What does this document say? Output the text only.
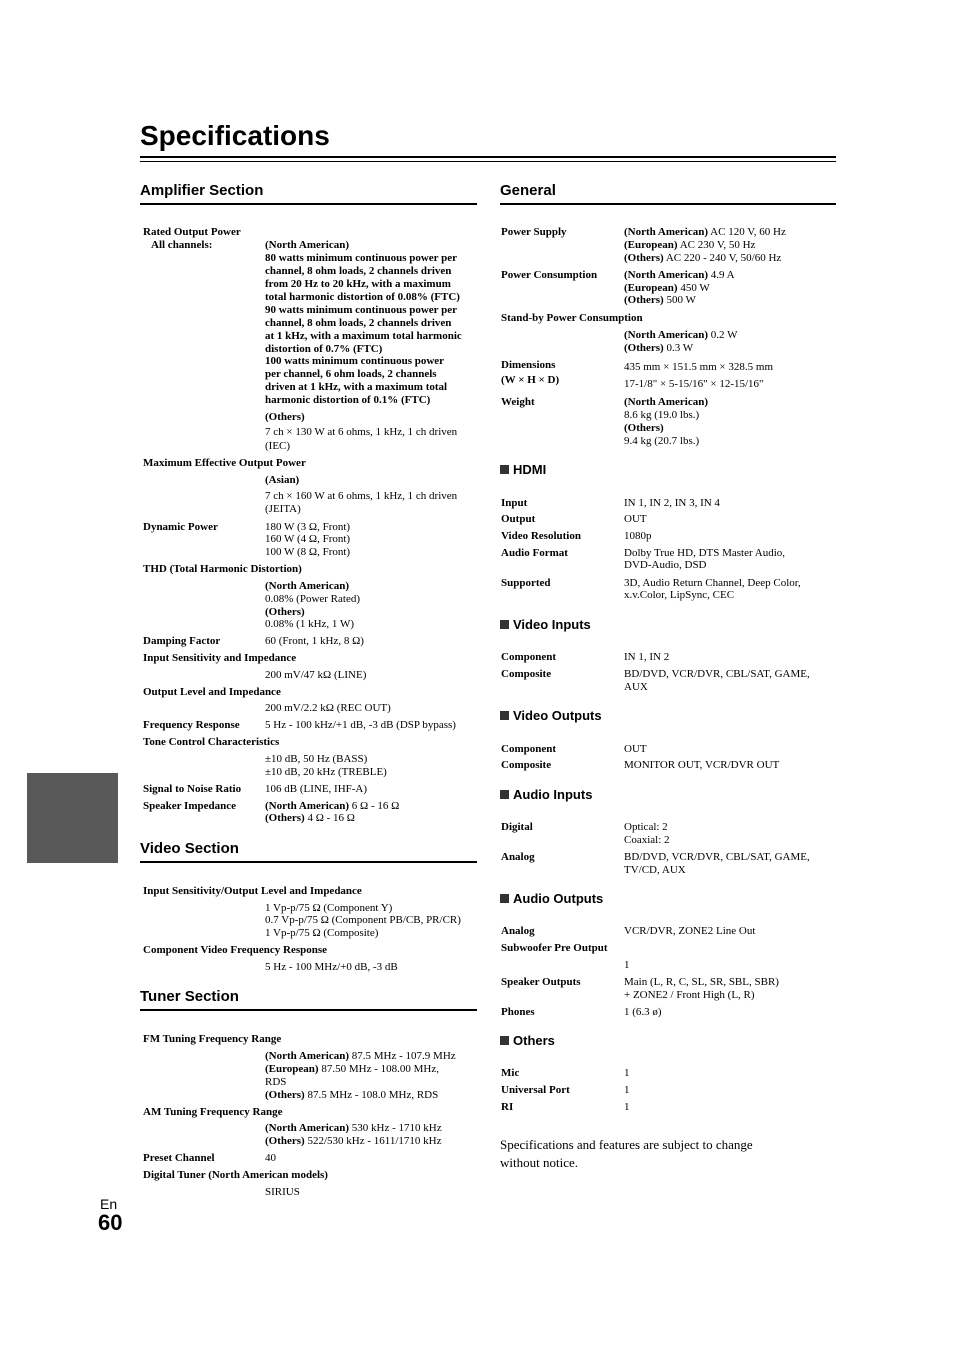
Specifications
Amplifier Section
Rated Output Power
All channels:	(North American)
80 watts minimum continuous power per
channel, 8 ohm loads, 2 channels driven
from 20 Hz to 20 kHz, with a maximum
total harmonic distortion of 0.08% (FTC)
90 watts minimum continuous power per
channel, 8 ohm loads, 2 channels driven
at 1 kHz, with a maximum total harmonic
distortion of 0.7% (FTC)
100 watts minimum continuous power
per channel, 6 ohm loads, 2 channels
driven at 1 kHz, with a maximum total
harmonic distortion of 0.1% (FTC)
(Others)
7 ch × 130 W at 6 ohms, 1 kHz, 1 ch driven
(IEC)
Maximum Effective Output Power
(Asian)
7 ch × 160 W at 6 ohms, 1 kHz, 1 ch driven
(JEITA)
Dynamic Power	180 W (3 Ω, Front)
160 W (4 Ω, Front)
100 W (8 Ω, Front)
THD (Total Harmonic Distortion)
(North American)
0.08% (Power Rated)
(Others)
0.08% (1 kHz, 1 W)
Damping Factor	60 (Front, 1 kHz, 8 Ω)
Input Sensitivity and Impedance
200 mV/47 kΩ (LINE)
Output Level and Impedance
200 mV/2.2 kΩ (REC OUT)
Frequency Response 5 Hz - 100 kHz/+1 dB, -3 dB (DSP bypass)
Tone Control Characteristics
±10 dB, 50 Hz (BASS)
±10 dB, 20 kHz (TREBLE)
Signal to Noise Ratio 106 dB (LINE, IHF-A)
Speaker Impedance	(North American) 6 Ω - 16 Ω
(Others) 4 Ω - 16 Ω
Video Section
Input Sensitivity/Output Level and Impedance
1 Vp-p/75 Ω (Component Y)
0.7 Vp-p/75 Ω (Component PB/CB, PR/CR)
1 Vp-p/75 Ω (Composite)
Component Video Frequency Response
5 Hz - 100 MHz/+0 dB, -3 dB
Tuner Section
FM Tuning Frequency Range
(North American) 87.5 MHz - 107.9 MHz
(European) 87.50 MHz - 108.00 MHz,
RDS
(Others) 87.5 MHz - 108.0 MHz, RDS
AM Tuning Frequency Range
(North American) 530 kHz - 1710 kHz
(Others) 522/530 kHz - 1611/1710 kHz
Preset Channel	40
Digital Tuner (North American models)
SIRIUS
General
Power Supply	(North American) AC 120 V, 60 Hz
(European) AC 230 V, 50 Hz
(Others) AC 220 - 240 V, 50/60 Hz
Power Consumption (North American) 4.9 A
(European) 450 W
(Others) 500 W
Stand-by Power Consumption
(North American) 0.2 W
(Others) 0.3 W
Dimensions
(W × H × D)
435 mm × 151.5 mm × 328.5 mm
17-1/8" × 5-15/16" × 12-15/16"
Weight	(North American)
8.6 kg (19.0 lbs.)
(Others)
9.4 kg (20.7 lbs.)
HDMI
Input	IN 1, IN 2, IN 3, IN 4
Output	OUT
Video Resolution	1080p
Audio Format	Dolby True HD, DTS Master Audio,
DVD-Audio, DSD
Supported	3D, Audio Return Channel, Deep Color,
x.v.Color, LipSync, CEC
Video Inputs
Component	IN 1, IN 2
Composite	BD/DVD, VCR/DVR, CBL/SAT, GAME,
AUX
Video Outputs
Component	OUT
Composite	MONITOR OUT, VCR/DVR OUT
Audio Inputs
Digital	Optical: 2
Coaxial: 2
Analog	BD/DVD, VCR/DVR, CBL/SAT, GAME,
TV/CD, AUX
Audio Outputs
Analog	VCR/DVR, ZONE2 Line Out
Subwoofer Pre Output
1
Speaker Outputs	Main (L, R, C, SL, SR, SBL, SBR)
+ ZONE2 / Front High (L, R)
Phones	1 (6.3 ø)
Others
Mic	1
Universal Port	1
RI	1
Specifications and features are subject to change
without notice.
En
60
